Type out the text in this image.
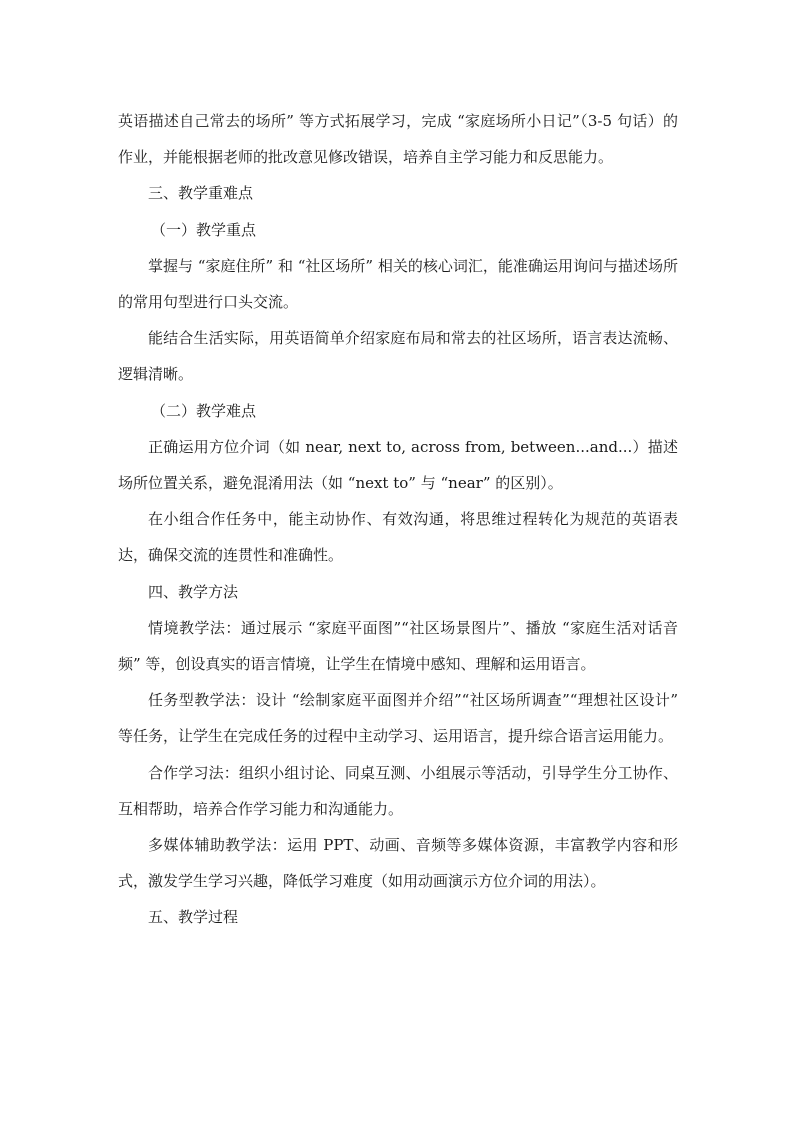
英语描述自己常去的场所” 等方式拓展学习，完成 “家庭场所小日记”（3-5 句话）的作业，并能根据老师的批改意见修改错误，培养自主学习能力和反思能力。

三、教学重难点

（一）教学重点

掌握与 “家庭住所” 和 “社区场所” 相关的核心词汇，能准确运用询问与描述场所的常用句型进行口头交流。

能结合生活实际，用英语简单介绍家庭布局和常去的社区场所，语言表达流畅、逻辑清晰。

（二）教学难点

正确运用方位介词（如 near, next to, across from, between...and...）描述场所位置关系，避免混淆用法（如 “next to” 与 “near” 的区别）。

在小组合作任务中，能主动协作、有效沟通，将思维过程转化为规范的英语表达，确保交流的连贯性和准确性。

四、教学方法

情境教学法：通过展示 “家庭平面图”“社区场景图片”、播放 “家庭生活对话音频” 等，创设真实的语言情境，让学生在情境中感知、理解和运用语言。

任务型教学法：设计 “绘制家庭平面图并介绍”“社区场所调查”“理想社区设计” 等任务，让学生在完成任务的过程中主动学习、运用语言，提升综合语言运用能力。

合作学习法：组织小组讨论、同桌互测、小组展示等活动，引导学生分工协作、互相帮助，培养合作学习能力和沟通能力。

多媒体辅助教学法：运用 PPT、动画、音频等多媒体资源，丰富教学内容和形式，激发学生学习兴趣，降低学习难度（如用动画演示方位介词的用法）。

五、教学过程
